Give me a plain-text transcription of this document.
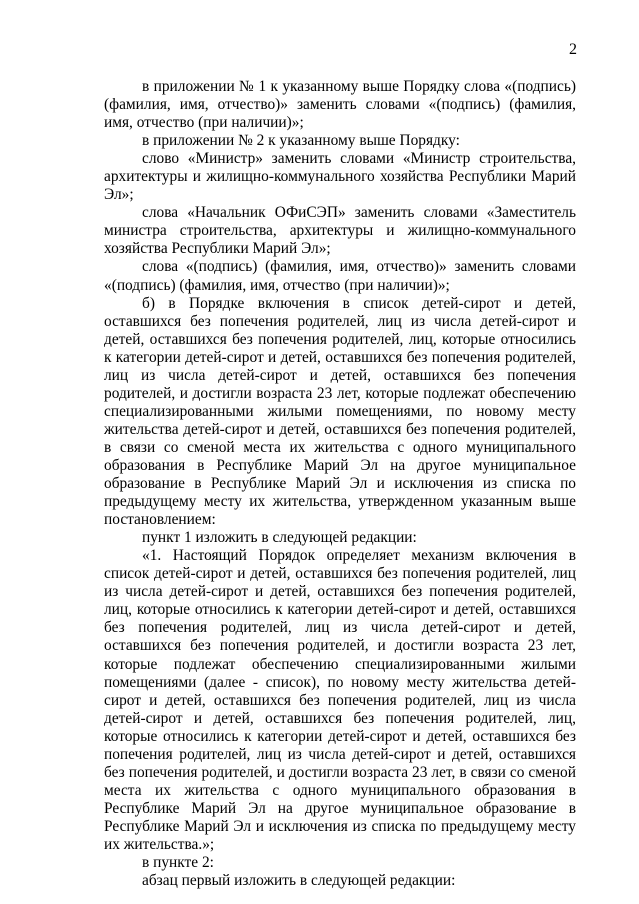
2

в приложении № 1 к указанному выше Порядку слова «(подпись) (фамилия, имя, отчество)» заменить словами «(подпись) (фамилия, имя, отчество (при наличии)»;

в приложении № 2 к указанному выше Порядку:

слово «Министр» заменить словами «Министр строительства, архитектуры и жилищно-коммунального хозяйства Республики Марий Эл»;

слова «Начальник ОФиСЭП» заменить словами «Заместитель министра строительства, архитектуры и жилищно-коммунального хозяйства Республики Марий Эл»;

слова «(подпись) (фамилия, имя, отчество)» заменить словами «(подпись) (фамилия, имя, отчество (при наличии)»;

б) в Порядке включения в список детей-сирот и детей, оставшихся без попечения родителей, лиц из числа детей-сирот и детей, оставшихся без попечения родителей, лиц, которые относились к категории детей-сирот и детей, оставшихся без попечения родителей, лиц из числа детей-сирот и детей, оставшихся без попечения родителей, и достигли возраста 23 лет, которые подлежат обеспечению специализированными жилыми помещениями, по новому месту жительства детей-сирот и детей, оставшихся без попечения родителей, в связи со сменой места их жительства с одного муниципального образования в Республике Марий Эл на другое муниципальное образование в Республике Марий Эл и исключения из списка по предыдущему месту их жительства, утвержденном указанным выше постановлением:

пункт 1 изложить в следующей редакции:

«1. Настоящий Порядок определяет механизм включения в список детей-сирот и детей, оставшихся без попечения родителей, лиц из числа детей-сирот и детей, оставшихся без попечения родителей, лиц, которые относились к категории детей-сирот и детей, оставшихся без попечения родителей, лиц из числа детей-сирот и детей, оставшихся без попечения родителей, и достигли возраста 23 лет, которые подлежат обеспечению специализированными жилыми помещениями (далее - список), по новому месту жительства детей-сирот и детей, оставшихся без попечения родителей, лиц из числа детей-сирот и детей, оставшихся без попечения родителей, лиц, которые относились к категории детей-сирот и детей, оставшихся без попечения родителей, лиц из числа детей-сирот и детей, оставшихся без попечения родителей, и достигли возраста 23 лет, в связи со сменой места их жительства с одного муниципального образования в Республике Марий Эл на другое муниципальное образование в Республике Марий Эл и исключения из списка по предыдущему месту их жительства.»;

в пункте 2:

абзац первый изложить в следующей редакции:
